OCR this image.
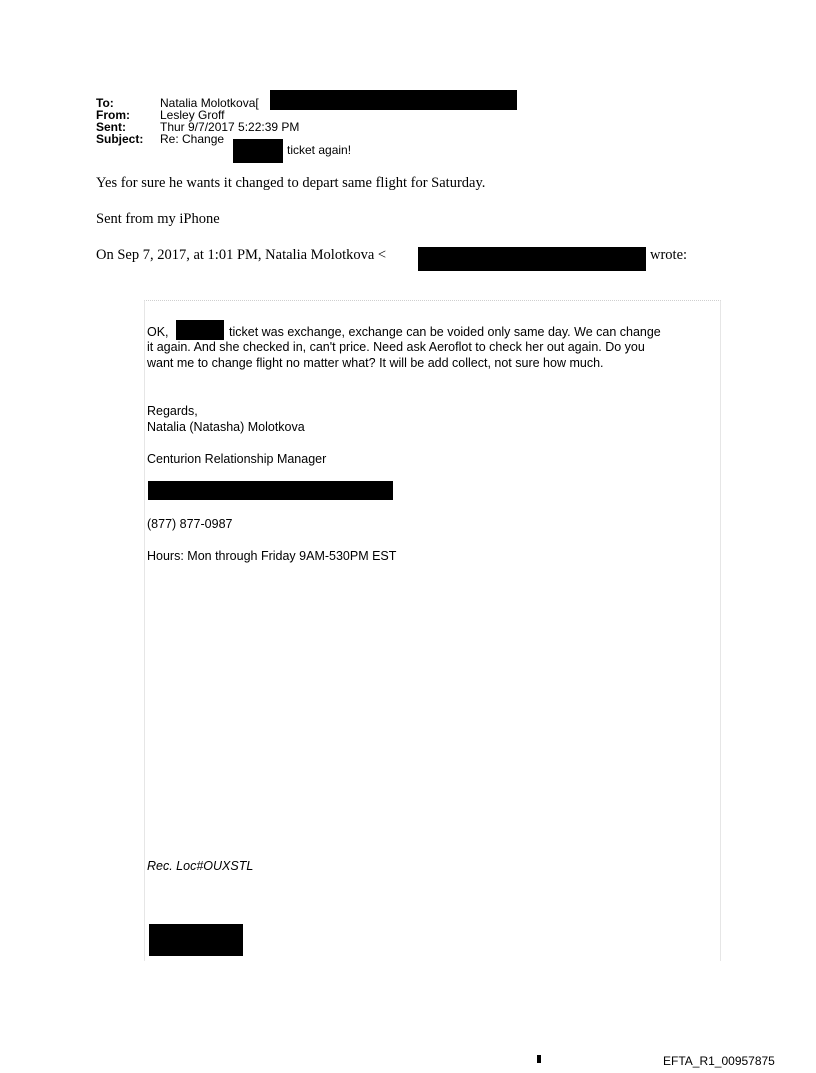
To:	Natalia Molotkova[
From:	Lesley Groff
Sent:	Thur 9/7/2017 5:22:39 PM
Subject: Re: Change
ticket again!
Yes for sure he wants it changed to depart same flight for Saturday.
Sent from my iPhone
On Sep 7, 2017, at 1:01 PM, Natalia Molotkova <	wrote:
OK,	ticket was exchange, exchange can be voided only same day. We can change
it again. And she checked in, can't price. Need ask Aeroflot to check her out again. Do you
want me to change flight no matter what? It will be add collect, not sure how much.
Regards,
Natalia (Natasha) Molotkova
Centurion Relationship Manager
(877) 877-0987
Hours: Mon through Friday 9AM-530PM EST
Rec. Loc#OUXSTL
EFTA_R1_00957875
